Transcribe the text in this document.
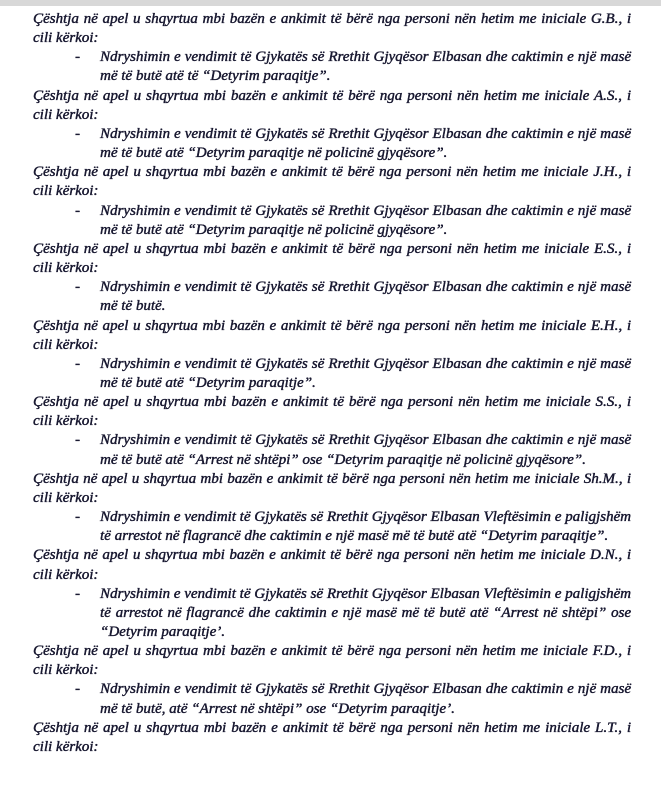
Çështja në apel u shqyrtua mbi bazën e ankimit të bërë nga personi nën hetim me iniciale G.B., i cili kërkoi:

-	Ndryshimin e vendimit të Gjykatës së Rrethit Gjyqësor Elbasan dhe caktimin e një masë më të butë atë të “Detyrim paraqitje”.

Çështja në apel u shqyrtua mbi bazën e ankimit të bërë nga personi nën hetim me iniciale A.S., i cili kërkoi:

-	Ndryshimin e vendimit të Gjykatës së Rrethit Gjyqësor Elbasan dhe caktimin e një masë më të butë atë “Detyrim paraqitje në policinë gjyqësore”.

Çështja në apel u shqyrtua mbi bazën e ankimit të bërë nga personi nën hetim me iniciale J.H., i cili kërkoi:

-	Ndryshimin e vendimit të Gjykatës së Rrethit Gjyqësor Elbasan dhe caktimin e një masë më të butë atë “Detyrim paraqitje në policinë gjyqësore”.

Çështja në apel u shqyrtua mbi bazën e ankimit të bërë nga personi nën hetim me iniciale E.S., i cili kërkoi:

-	Ndryshimin e vendimit të Gjykatës së Rrethit Gjyqësor Elbasan dhe caktimin e një masë më të butë.

Çështja në apel u shqyrtua mbi bazën e ankimit të bërë nga personi nën hetim me iniciale E.H., i cili kërkoi:

-	Ndryshimin e vendimit të Gjykatës së Rrethit Gjyqësor Elbasan dhe caktimin e një masë më të butë atë “Detyrim paraqitje”.

Çështja në apel u shqyrtua mbi bazën e ankimit të bërë nga personi nën hetim me iniciale S.S., i cili kërkoi:

-	Ndryshimin e vendimit të Gjykatës së Rrethit Gjyqësor Elbasan dhe caktimin e një masë më të butë atë “Arrest në shtëpi” ose “Detyrim paraqitje në policinë gjyqësore”.

Çështja në apel u shqyrtua mbi bazën e ankimit të bërë nga personi nën hetim me iniciale Sh.M., i cili kërkoi:

-	Ndryshimin e vendimit të Gjykatës së Rrethit Gjyqësor Elbasan Vleftësimin e paligjshëm të arrestot në flagrancë dhe caktimin e një masë më të butë atë “Detyrim paraqitje”.

Çështja në apel u shqyrtua mbi bazën e ankimit të bërë nga personi nën hetim me iniciale D.N., i cili kërkoi:

-	Ndryshimin e vendimit të Gjykatës së Rrethit Gjyqësor Elbasan Vleftësimin e paligjshëm të arrestot në flagrancë dhe caktimin e një masë më të butë atë “Arrest në shtëpi” ose “Detyrim paraqitje’.

Çështja në apel u shqyrtua mbi bazën e ankimit të bërë nga personi nën hetim me iniciale F.D., i cili kërkoi:

-	Ndryshimin e vendimit të Gjykatës së Rrethit Gjyqësor Elbasan dhe caktimin e një masë më të butë, atë “Arrest në shtëpi” ose “Detyrim paraqitje’.

Çështja në apel u shqyrtua mbi bazën e ankimit të bërë nga personi nën hetim me iniciale L.T., i cili kërkoi:
